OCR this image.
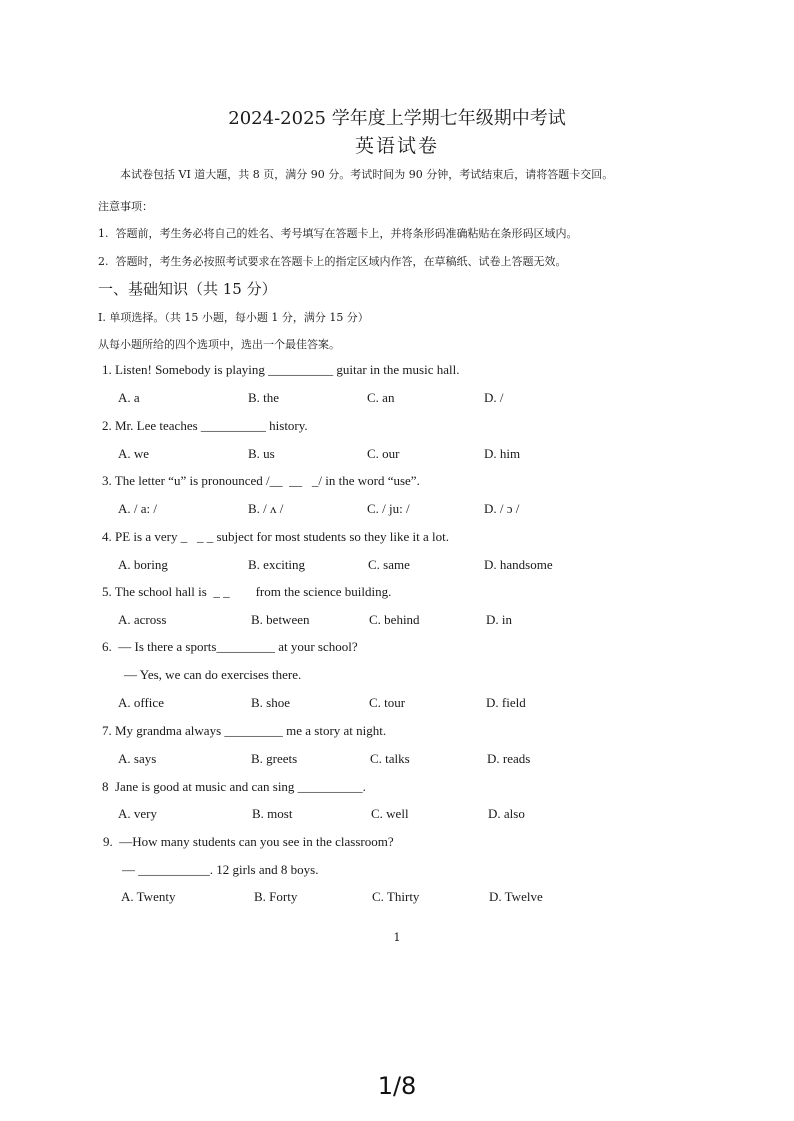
2024-2025 学年度上学期七年级期中考试
英语试卷
本试卷包括 VI 道大题，共 8 页，满分 90 分。考试时间为 90 分钟，考试结束后，请将答题卡交回。
注意事项：
1.  答题前，考生务必将自己的姓名、考号填写在答题卡上，并将条形码准确粘贴在条形码区域内。
2.  答题时，考生务必按照考试要求在答题卡上的指定区域内作答，在草稿纸、试卷上答题无效。
一、基础知识（共 15 分）
I. 单项选择。（共 15 小题，每小题 1 分，满分 15 分）
从每小题所给的四个选项中，选出一个最佳答案。
1. Listen! Somebody is playing __________ guitar in the music hall.
A. a	B. the	C. an	D. /
2. Mr. Lee teaches __________ history.
A. we	B. us	C. our	D. him
3. The letter “u” is pronounced /__  __   _/ in the word “use”.
A. / a: /	B. / ʌ /	C. / ju: /	D. / ɔ /
4. PE is a very _   _ _ subject for most students so they like it a lot.
A. boring	B. exciting	C. same	D. handsome
5. The school hall is  _ _        from the science building.
A. across	B. between	C. behind	D. in
6.  — Is there a sports_________ at your school?
— Yes, we can do exercises there.
A. office	B. shoe	C. tour	D. field
7. My grandma always _________ me a story at night.
A. says	B. greets	C. talks	D. reads
8  Jane is good at music and can sing __________.
A. very	B. most	C. well	D. also
9.  —How many students can you see in the classroom?
— ___________. 12 girls and 8 boys.
A. Twenty	B. Forty	C. Thirty	D. Twelve
1
1/8
